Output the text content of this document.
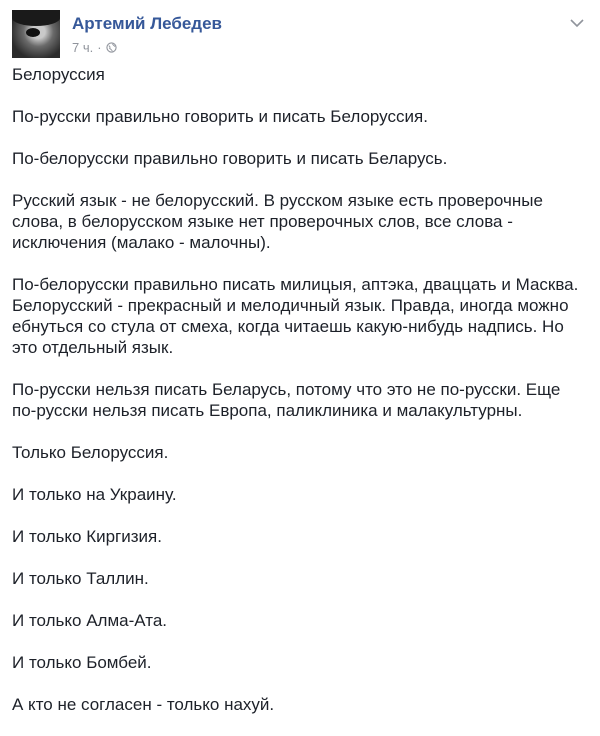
Артемий Лебедев
7 ч. ·

Белоруссия

По-русски правильно говорить и писать Белоруссия.

По-белорусски правильно говорить и писать Беларусь.

Русский язык - не белорусский. В русском языке есть проверочные слова, в белорусском языке нет проверочных слов, все слова - исключения (малако - малочны).

По-белорусски правильно писать милицыя, аптэка, дваццать и Масква. Белорусский - прекрасный и мелодичный язык. Правда, иногда можно ебнуться со стула от смеха, когда читаешь какую-нибудь надпись. Но это отдельный язык.

По-русски нельзя писать Беларусь, потому что это не по-русски. Еще по-русски нельзя писать Европа, паликлиника и малакультурны.

Только Белоруссия.

И только на Украину.

И только Киргизия.

И только Таллин.

И только Алма-Ата.

И только Бомбей.

А кто не согласен - только нахуй.
